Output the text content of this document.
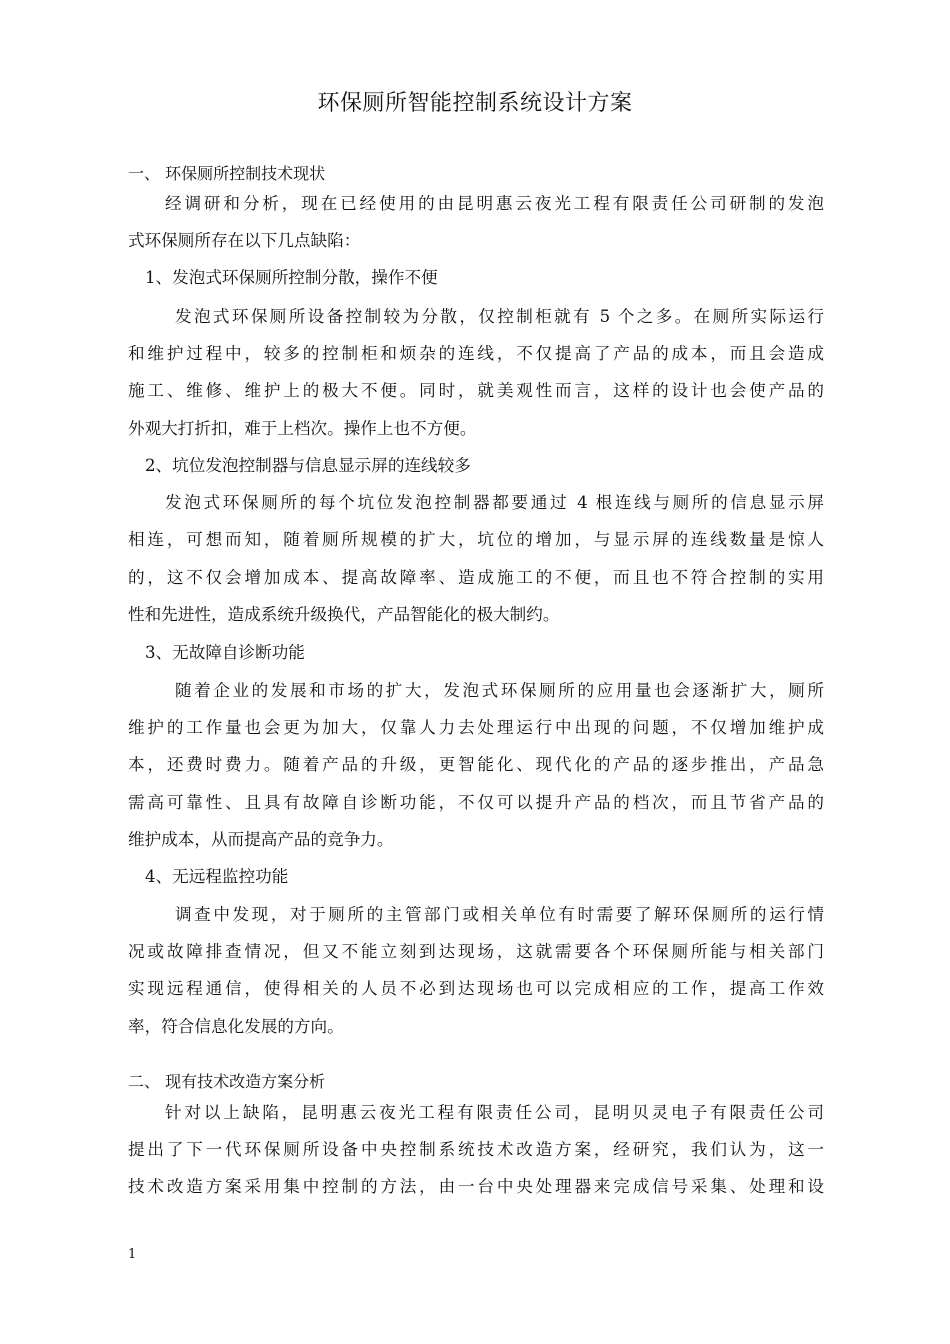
环保厕所智能控制系统设计方案
一、 环保厕所控制技术现状
经调研和分析，现在已经使用的由昆明惠云夜光工程有限责任公司研制的发泡
式环保厕所存在以下几点缺陷：
1、发泡式环保厕所控制分散，操作不便
发泡式环保厕所设备控制较为分散，仅控制柜就有 5 个之多。在厕所实际运行
和维护过程中，较多的控制柜和烦杂的连线，不仅提高了产品的成本，而且会造成
施工、维修、维护上的极大不便。同时，就美观性而言，这样的设计也会使产品的
外观大打折扣，难于上档次。操作上也不方便。
2、坑位发泡控制器与信息显示屏的连线较多
发泡式环保厕所的每个坑位发泡控制器都要通过 4 根连线与厕所的信息显示屏
相连，可想而知，随着厕所规模的扩大，坑位的增加，与显示屏的连线数量是惊人
的，这不仅会增加成本、提高故障率、造成施工的不便，而且也不符合控制的实用
性和先进性，造成系统升级换代，产品智能化的极大制约。
3、无故障自诊断功能
随着企业的发展和市场的扩大，发泡式环保厕所的应用量也会逐渐扩大，厕所
维护的工作量也会更为加大，仅靠人力去处理运行中出现的问题，不仅增加维护成
本，还费时费力。随着产品的升级，更智能化、现代化的产品的逐步推出，产品急
需高可靠性、且具有故障自诊断功能，不仅可以提升产品的档次，而且节省产品的
维护成本，从而提高产品的竞争力。
4、无远程监控功能
调查中发现，对于厕所的主管部门或相关单位有时需要了解环保厕所的运行情
况或故障排查情况，但又不能立刻到达现场，这就需要各个环保厕所能与相关部门
实现远程通信，使得相关的人员不必到达现场也可以完成相应的工作，提高工作效
率，符合信息化发展的方向。
二、 现有技术改造方案分析
针对以上缺陷，昆明惠云夜光工程有限责任公司，昆明贝灵电子有限责任公司
提出了下一代环保厕所设备中央控制系统技术改造方案，经研究，我们认为，这一
技术改造方案采用集中控制的方法，由一台中央处理器来完成信号采集、处理和设
1
